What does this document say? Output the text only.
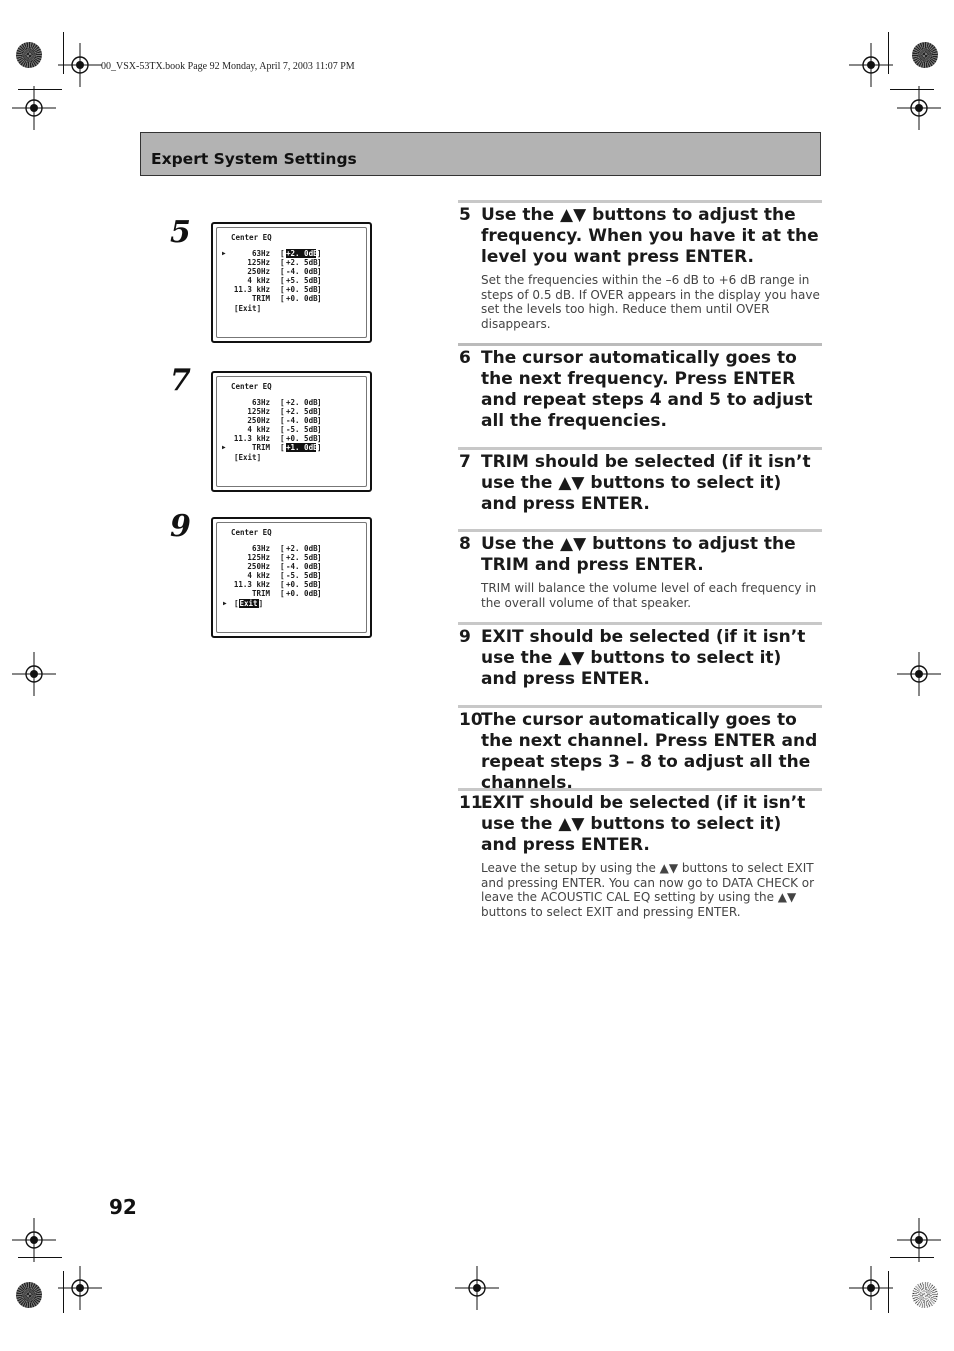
00_VSX-53TX.book Page 92 Monday, April 7, 2003 11:07 PM
Expert System Settings
5	Center EQ
▶	63Hz [ +2. 0dB ]
125Hz [ +2. 5dB ]
250Hz [ -4. 0dB ]
4 kHz [ +5. 5dB ]
11.3 kHz [ +0. 5dB ]
TRIM [ +0. 0dB ]
[Exit]
7	Center EQ
63Hz [ +2. 0dB ]
125Hz [ +2. 5dB ]
250Hz [ -4. 0dB ]
4 kHz [ -5. 5dB ]
11.3 kHz [ +0. 5dB ]
▶	TRIM [ +1. 0dB ]
[Exit]
9	Center EQ
63Hz [ +2. 0dB ]
125Hz [ +2. 5dB ]
250Hz [ -4. 0dB ]
4 kHz [ -5. 5dB ]
11.3 kHz [ +0. 5dB ]
TRIM [ +0. 0dB ]
▶ [Exit]
5 Use the ▲▼ buttons to adjust the frequency. When you have it at the level you want press ENTER.
Set the frequencies within the –6 dB to +6 dB range in steps of 0.5 dB. If OVER appears in the display you have set the levels too high. Reduce them until OVER disappears.
6 The cursor automatically goes to the next frequency. Press ENTER and repeat steps 4 and 5 to adjust all the frequencies.
7 TRIM should be selected (if it isn’t use the ▲▼ buttons to select it) and press ENTER.
8 Use the ▲▼ buttons to adjust the TRIM and press ENTER.
TRIM will balance the volume level of each frequency in the overall volume of that speaker.
9 EXIT should be selected (if it isn’t use the ▲▼ buttons to select it) and press ENTER.
10
The cursor automatically goes to the next channel. Press ENTER and repeat steps 3 – 8 to adjust all the channels.
11
EXIT should be selected (if it isn’t use the ▲▼ buttons to select it) and press ENTER.
Leave the setup by using the ▲▼ buttons to select EXIT and pressing ENTER. You can now go to DATA CHECK or leave the ACOUSTIC CAL EQ setting by using the ▲▼ buttons to select EXIT and pressing ENTER.
92
